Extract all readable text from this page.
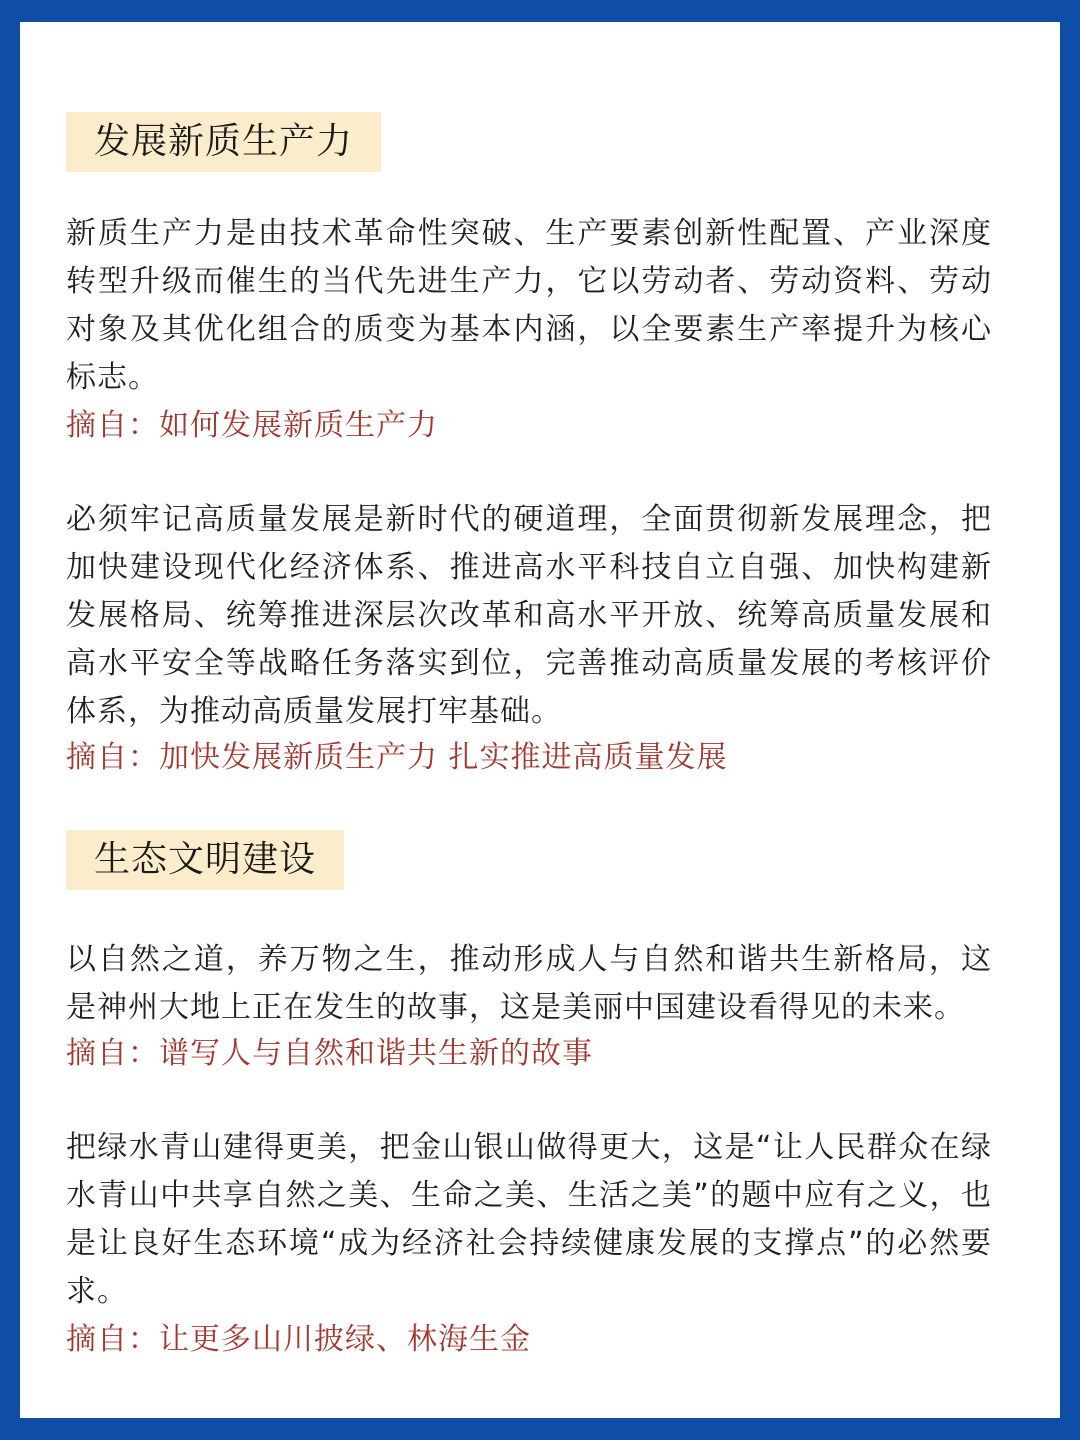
发展新质生产力

新质生产力是由技术革命性突破、生产要素创新性配置、产业深度转型升级而催生的当代先进生产力，它以劳动者、劳动资料、劳动对象及其优化组合的质变为基本内涵，以全要素生产率提升为核心标志。

摘自：如何发展新质生产力

必须牢记高质量发展是新时代的硬道理，全面贯彻新发展理念，把加快建设现代化经济体系、推进高水平科技自立自强、加快构建新发展格局、统筹推进深层次改革和高水平开放、统筹高质量发展和高水平安全等战略任务落实到位，完善推动高质量发展的考核评价体系，为推动高质量发展打牢基础。

摘自：加快发展新质生产力 扎实推进高质量发展

生态文明建设

以自然之道，养万物之生，推动形成人与自然和谐共生新格局，这是神州大地上正在发生的故事，这是美丽中国建设看得见的未来。

摘自：谱写人与自然和谐共生新的故事

把绿水青山建得更美，把金山银山做得更大，这是“让人民群众在绿水青山中共享自然之美、生命之美、生活之美”的题中应有之义，也是让良好生态环境“成为经济社会持续健康发展的支撑点”的必然要求。

摘自：让更多山川披绿、林海生金
